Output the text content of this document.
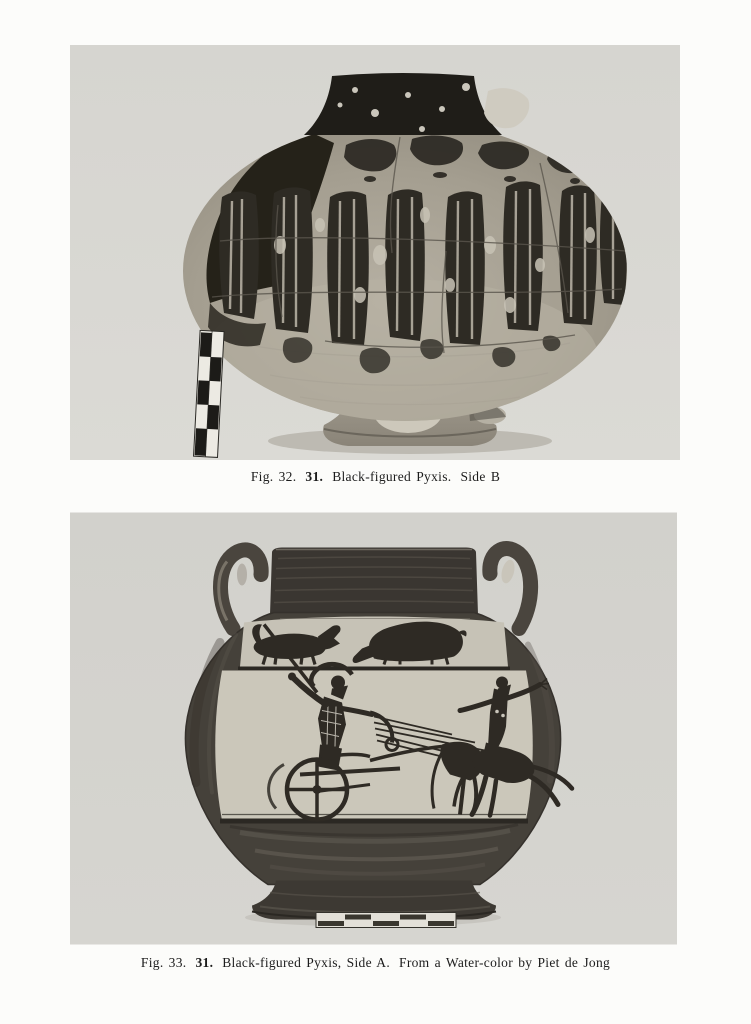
Fig. 32. 31. Black-figured Pyxis. Side B
Fig. 33. 31. Black-figured Pyxis, Side A. From a Water-color by Piet de Jong
